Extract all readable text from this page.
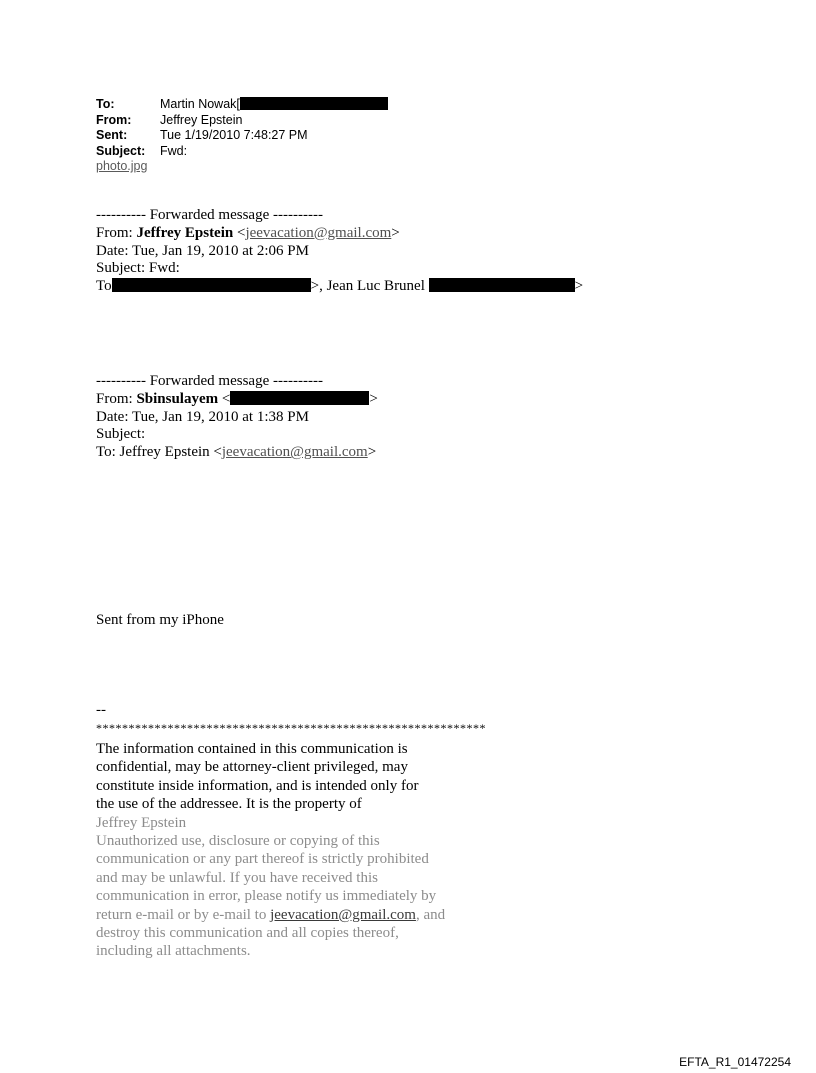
To:	Martin Nowak[
From:	Jeffrey Epstein
Sent:	Tue 1/19/2010 7:48:27 PM
Subject:	Fwd:
photo.jpg
---------- Forwarded message ----------
From: Jeffrey Epstein <jeevacation@gmail.com>
Date: Tue, Jan 19, 2010 at 2:06 PM
Subject: Fwd:
To	>, Jean Luc Brunel	>
---------- Forwarded message ----------
From: Sbinsulayem <	>
Date: Tue, Jan 19, 2010 at 1:38 PM
Subject:
To: Jeffrey Epstein <jeevacation@gmail.com>
Sent from my iPhone
--
************************************************************
The information contained in this communication is
confidential, may be attorney-client privileged, may
constitute inside information, and is intended only for
the use of the addressee. It is the property of
Jeffrey Epstein
Unauthorized use, disclosure or copying of this
communication or any part thereof is strictly prohibited
and may be unlawful. If you have received this
communication in error, please notify us immediately by
return e-mail or by e-mail to jeevacation@gmail.com, and
destroy this communication and all copies thereof,
including all attachments.
EFTA_R1_01472254
